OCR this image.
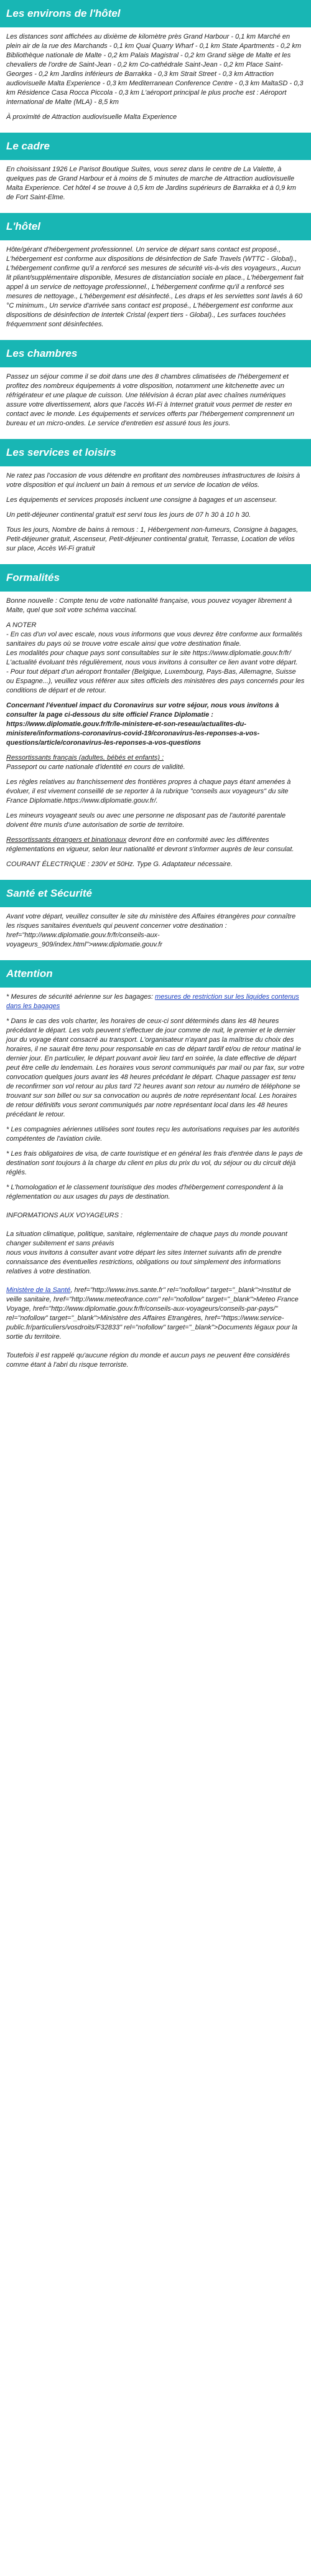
Les environs de l'hôtel

Les distances sont affichées au dixième de kilomètre près Grand Harbour - 0,1 km Marché en plein air de la rue des Marchands - 0,1 km Quai Quarry Wharf - 0,1 km State Apartments - 0,2 km Bibliothèque nationale de Malte - 0,2 km Palais Magistral - 0,2 km Grand siège de Malte et les chevaliers de l'ordre de Saint-Jean - 0,2 km Co-cathédrale Saint-Jean - 0,2 km Place Saint-Georges - 0,2 km Jardins inférieurs de Barrakka - 0,3 km Strait Street - 0,3 km Attraction audiovisuelle Malta Experience - 0,3 km Mediterranean Conference Centre - 0,3 km MaltaSD - 0,3 km Résidence Casa Rocca Piccola - 0,3 km L'aéroport principal le plus proche est : Aéroport international de Malte (MLA) - 8,5 km

À proximité de Attraction audiovisuelle Malta Experience

Le cadre

En choisissant 1926 Le Parisot Boutique Suites, vous serez dans le centre de La Valette, à quelques pas de Grand Harbour et à moins de 5 minutes de marche de Attraction audiovisuelle Malta Experience. Cet hôtel 4 se trouve à 0,5 km de Jardins supérieurs de Barrakka et à 0,9 km de Fort Saint-Elme.

L'hôtel

Hôte/gérant d'hébergement professionnel. Un service de départ sans contact est proposé., L'hébergement est conforme aux dispositions de désinfection de Safe Travels (WTTC - Global)., L'hébergement confirme qu'il a renforcé ses mesures de sécurité vis-à-vis des voyageurs., Aucun lit pliant/supplémentaire disponible, Mesures de distanciation sociale en place., L'hébergement fait appel à un service de nettoyage professionnel., L'hébergement confirme qu'il a renforcé ses mesures de nettoyage., L'hébergement est désinfecté., Les draps et les serviettes sont lavés à 60 °C minimum., Un service d'arrivée sans contact est proposé., L'hébergement est conforme aux dispositions de désinfection de Intertek Cristal (expert tiers - Global)., Les surfaces touchées fréquemment sont désinfectées.

Les chambres

Passez un séjour comme il se doit dans une des 8 chambres climatisées de l'hébergement et profitez des nombreux équipements à votre disposition, notamment une kitchenette avec un réfrigérateur et une plaque de cuisson. Une télévision à écran plat avec chaînes numériques assure votre divertissement, alors que l'accès Wi-Fi à Internet gratuit vous permet de rester en contact avec le monde. Les équipements et services offerts par l'hébergement comprennent un bureau et un micro-ondes. Le service d'entretien est assuré tous les jours.

Les services et loisirs

Ne ratez pas l'occasion de vous détendre en profitant des nombreuses infrastructures de loisirs à votre disposition et qui incluent un bain à remous et un service de location de vélos.

Les équipements et services proposés incluent une consigne à bagages et un ascenseur.

Un petit-déjeuner continental gratuit est servi tous les jours de 07 h 30 à 10 h 30.

Tous les jours, Nombre de bains à remous : 1, Hébergement non-fumeurs, Consigne à bagages, Petit-déjeuner gratuit, Ascenseur, Petit-déjeuner continental gratuit, Terrasse, Location de vélos sur place, Accès Wi-Fi gratuit

Formalités

Bonne nouvelle : Compte tenu de votre nationalité française, vous pouvez voyager librement à Malte, quel que soit votre schéma vaccinal.

A NOTER

- En cas d'un vol avec escale, nous vous informons que vous devrez être conforme aux formalités sanitaires du pays où se trouve votre escale ainsi que votre destination finale.
Les modalités pour chaque pays sont consultables sur le site https://www.diplomatie.gouv.fr/fr/ L'actualité évoluant très régulièrement, nous vous invitons à consulter ce lien avant votre départ.
- Pour tout départ d'un aéroport frontalier (Belgique, Luxembourg, Pays-Bas, Allemagne, Suisse ou Espagne...), veuillez vous référer aux sites officiels des ministères des pays concernés pour les conditions de départ et de retour.

Concernant l'éventuel impact du Coronavirus sur votre séjour, nous vous invitons à consulter la page ci-dessous du site officiel France Diplomatie : https://www.diplomatie.gouv.fr/fr/le-ministere-et-son-reseau/actualites-du-ministere/informations-coronavirus-covid-19/coronavirus-les-reponses-a-vos-questions/article/coronavirus-les-reponses-a-vos-questions

Ressortissants français (adultes, bébés et enfants) :

Passeport ou carte nationale d'identité en cours de validité.

Les règles relatives au franchissement des frontières propres à chaque pays étant amenées à évoluer, il est vivement conseillé de se reporter à la rubrique "conseils aux voyageurs" du site France Diplomatie.https://www.diplomatie.gouv.fr/.

Les mineurs voyageant seuls ou avec une personne ne disposant pas de l'autorité parentale doivent être munis d'une autorisation de sortie de territoire.

Ressortissants étrangers et binationaux devront être en conformité avec les différentes réglementations en vigueur, selon leur nationalité et devront s'informer auprès de leur consulat.

COURANT ÉLECTRIQUE : 230V et 50Hz. Type G. Adaptateur nécessaire.

Santé et Sécurité

Avant votre départ, veuillez consulter le site du ministère des Affaires étrangères pour connaître les risques sanitaires éventuels qui peuvent concerner votre destination : href="http://www.diplomatie.gouv.fr/fr/conseils-aux-voyageurs_909/index.html">www.diplomatie.gouv.fr

Attention

* Mesures de sécurité aérienne sur les bagages: mesures de restriction sur les liquides contenus dans les bagages

* Dans le cas des vols charter, les horaires de ceux-ci sont déterminés dans les 48 heures précédant le départ. Les vols peuvent s'effectuer de jour comme de nuit, le premier et le dernier jour du voyage étant consacré au transport. L'organisateur n'ayant pas la maîtrise du choix des horaires, il ne saurait être tenu pour responsable en cas de départ tardif et/ou de retour matinal le dernier jour. En particulier, le départ pouvant avoir lieu tard en soirée, la date effective de départ peut être celle du lendemain. Les horaires vous seront communiqués par mail ou par fax, sur votre convocation quelques jours avant les 48 heures précédant le départ. Chaque passager est tenu de reconfirmer son vol retour au plus tard 72 heures avant son retour au numéro de téléphone se trouvant sur son billet ou sur sa convocation ou auprès de notre représentant local. Les horaires de retour définitifs vous seront communiqués par notre représentant local dans les 48 heures précédant le retour.

* Les compagnies aériennes utilisées sont toutes reçu les autorisations requises par les autorités compétentes de l'aviation civile.

* Les frais obligatoires de visa, de carte touristique et en général les frais d'entrée dans le pays de destination sont toujours à la charge du client en plus du prix du vol, du séjour ou du circuit déjà réglés.

* L'homologation et le classement touristique des modes d'hébergement correspondent à la réglementation ou aux usages du pays de destination.

INFORMATIONS AUX VOYAGEURS :

La situation climatique, politique, sanitaire, réglementaire de chaque pays du monde pouvant changer subitement et sans préavis
nous vous invitons à consulter avant votre départ les sites Internet suivants afin de prendre connaissance des éventuelles restrictions, obligations ou tout simplement des informations relatives à votre destination.

Ministère de la Santé, href="http://www.invs.sante.fr" rel="nofollow" target="_blank">Institut de veille sanitaire, href="http://www.meteofrance.com" rel="nofollow" target="_blank">Meteo France Voyage, href="http://www.diplomatie.gouv.fr/fr/conseils-aux-voyageurs/conseils-par-pays/" rel="nofollow" target="_blank">Ministère des Affaires Etrangères, href="https://www.service-public.fr/particuliers/vosdroits/F32833" rel="nofollow" target="_blank">Documents légaux pour la sortie du territoire.

Toutefois il est rappelé qu'aucune région du monde et aucun pays ne peuvent être considérés comme étant à l'abri du risque terroriste.
